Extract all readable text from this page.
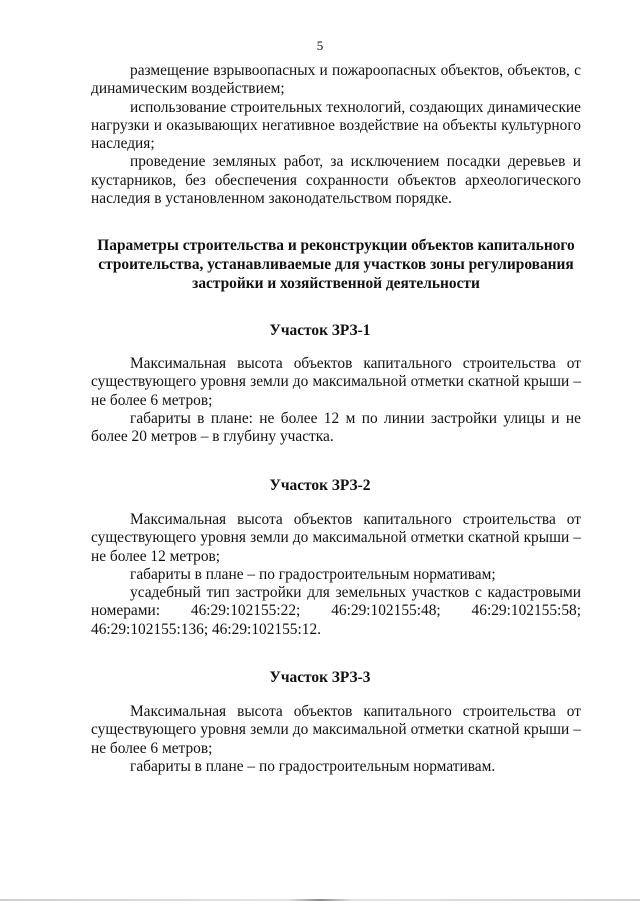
5

размещение взрывоопасных и пожароопасных объектов, объектов, с динамическим воздействием;

использование строительных технологий, создающих динамические нагрузки и оказывающих негативное воздействие на объекты культурного наследия;

проведение земляных работ, за исключением посадки деревьев и кустарников, без обеспечения сохранности объектов археологического наследия в установленном законодательством порядке.

Параметры строительства и реконструкции объектов капитального строительства, устанавливаемые для участков зоны регулирования застройки и хозяйственной деятельности
Участок ЗРЗ-1

Максимальная высота объектов капитального строительства от существующего уровня земли до максимальной отметки скатной крыши – не более 6 метров;

габариты в плане: не более 12 м по линии застройки улицы и не более 20 метров – в глубину участка.

Участок ЗРЗ-2

Максимальная высота объектов капитального строительства от существующего уровня земли до максимальной отметки скатной крыши – не более 12 метров;

габариты в плане – по градостроительным нормативам;

усадебный тип застройки для земельных участков с кадастровыми номерами: 46:29:102155:22; 46:29:102155:48; 46:29:102155:58; 46:29:102155:136; 46:29:102155:12.

Участок ЗРЗ-3

Максимальная высота объектов капитального строительства от существующего уровня земли до максимальной отметки скатной крыши – не более 6 метров;

габариты в плане – по градостроительным нормативам.
